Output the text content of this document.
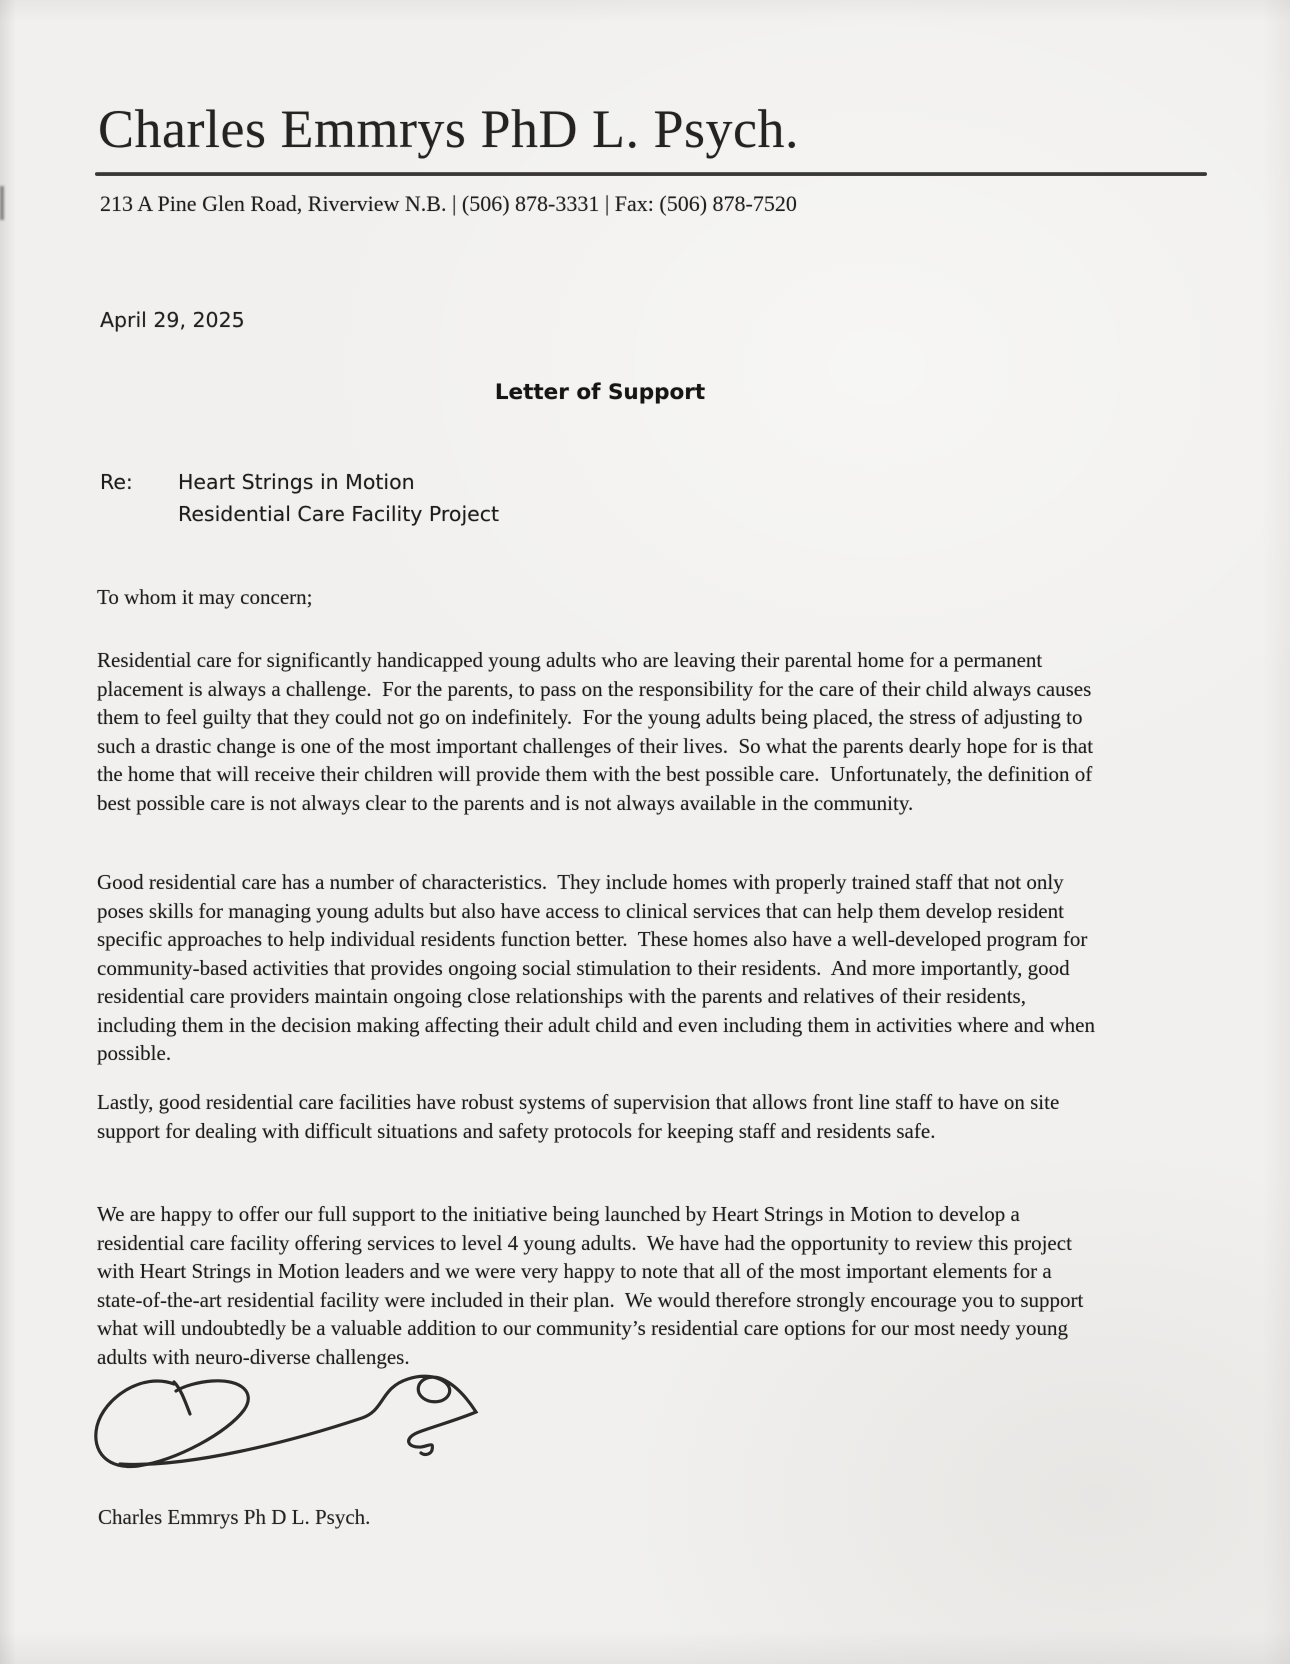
Charles Emmrys PhD L. Psych.
213 A Pine Glen Road, Riverview N.B. | (506) 878-3331 | Fax: (506) 878-7520
April 29, 2025
Letter of Support
Re:	Heart Strings in Motion
Residential Care Facility Project
To whom it may concern;

Residential care for significantly handicapped young adults who are leaving their parental home for a permanent placement is always a challenge.  For the parents, to pass on the responsibility for the care of their child always causes them to feel guilty that they could not go on indefinitely.  For the young adults being placed, the stress of adjusting to such a drastic change is one of the most important challenges of their lives.  So what the parents dearly hope for is that the home that will receive their children will provide them with the best possible care.  Unfortunately, the definition of best possible care is not always clear to the parents and is not always available in the community.

Good residential care has a number of characteristics.  They include homes with properly trained staff that not only poses skills for managing young adults but also have access to clinical services that can help them develop resident specific approaches to help individual residents function better.  These homes also have a well-developed program for community-based activities that provides ongoing social stimulation to their residents.  And more importantly, good residential care providers maintain ongoing close relationships with the parents and relatives of their residents, including them in the decision making affecting their adult child and even including them in activities where and when possible.

Lastly, good residential care facilities have robust systems of supervision that allows front line staff to have on site support for dealing with difficult situations and safety protocols for keeping staff and residents safe.

We are happy to offer our full support to the initiative being launched by Heart Strings in Motion to develop a residential care facility offering services to level 4 young adults.  We have had the opportunity to review this project with Heart Strings in Motion leaders and we were very happy to note that all of the most important elements for a state-of-the-art residential facility were included in their plan.  We would therefore strongly encourage you to support what will undoubtedly be a valuable addition to our community’s residential care options for our most needy young adults with neuro-diverse challenges.

Charles Emmrys Ph D L. Psych.
